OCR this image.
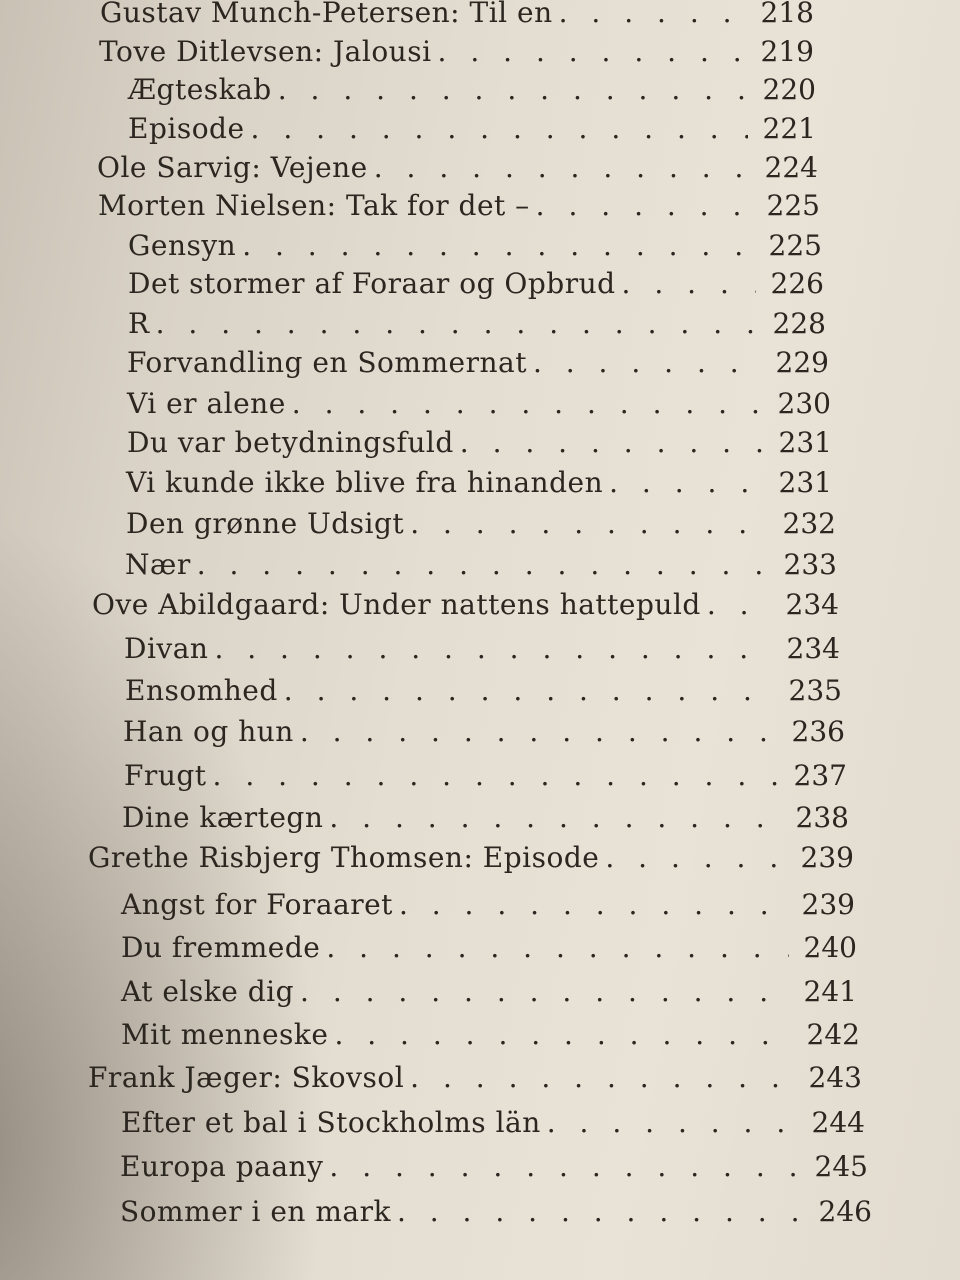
Gustav Munch-Petersen: Til en . . .	218
Tove Ditlevsen: Jalousi . . .	219
Ægteskab . . .	220
Episode . . .	221
Ole Sarvig: Vejene . . .	224
Morten Nielsen: Tak for det – . . .	225
Gensyn . . .	225
Det stormer af Foraar og Opbrud . . .	226
R . . .	228
Forvandling en Sommernat . . .	229
Vi er alene . . .	230
Du var betydningsfuld . . .	231
Vi kunde ikke blive fra hinanden . . .	231
Den grønne Udsigt . . .	232
Nær . . .	233
Ove Abildgaard: Under nattens hattepuld . . .	234
Divan . . .	234
Ensomhed . . .	235
Han og hun . . .	236
Frugt . . .	237
Dine kærtegn . . .	238
Grethe Risbjerg Thomsen: Episode . . .	239
Angst for Foraaret . . .	239
Du fremmede . . .	240
At elske dig . . .	241
Mit menneske . . .	242
Frank Jæger: Skovsol . . .	243
Efter et bal i Stockholms län . . .	244
Europa paany . . .	245
Sommer i en mark . . .	246
